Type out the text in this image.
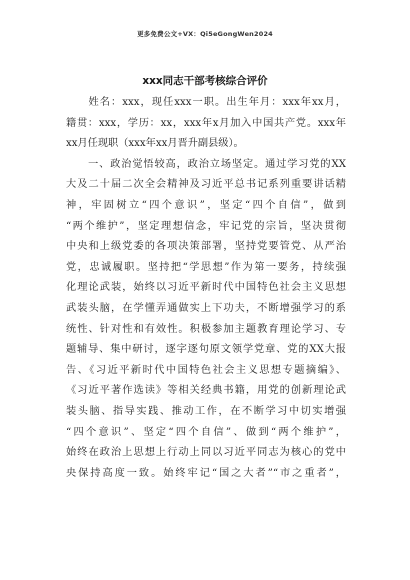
更多免费公文+VX：Qi5eGongWen2024
xxx同志干部考核综合评价
　　姓名：xxx，现任xxx一职。出生年月：xxx年xx月，
籍贯：xxx，学历：xx，xxx年x月加入中国共产党。xxx年
xx月任现职（xxx年xx月晋升副县级）。
　　一、政治觉悟较高，政治立场坚定。通过学习党的XX
大及二十届二次全会精神及习近平总书记系列重要讲话精
神，牢固树立“四个意识”，坚定“四个自信”，做到
“两个维护”，坚定理想信念，牢记党的宗旨，坚决贯彻
中央和上级党委的各项决策部署，坚持党要管党、从严治
党，忠诚履职。坚持把“学思想”作为第一要务，持续强
化理论武装，始终以习近平新时代中国特色社会主义思想
武装头脑，在学懂弄通做实上下功夫，不断增强学习的系
统性、针对性和有效性。积极参加主题教育理论学习、专
题辅导、集中研讨，逐字逐句原文领学党章、党的XX大报
告、《习近平新时代中国特色社会主义思想专题摘编》、
《习近平著作选读》等相关经典书籍，用党的创新理论武
装头脑、指导实践、推动工作，在不断学习中切实增强
“四个意识”、坚定“四个自信”、做到“两个维护”，
始终在政治上思想上行动上同以习近平同志为核心的党中
央保持高度一致。始终牢记“国之大者”“市之重者”，
